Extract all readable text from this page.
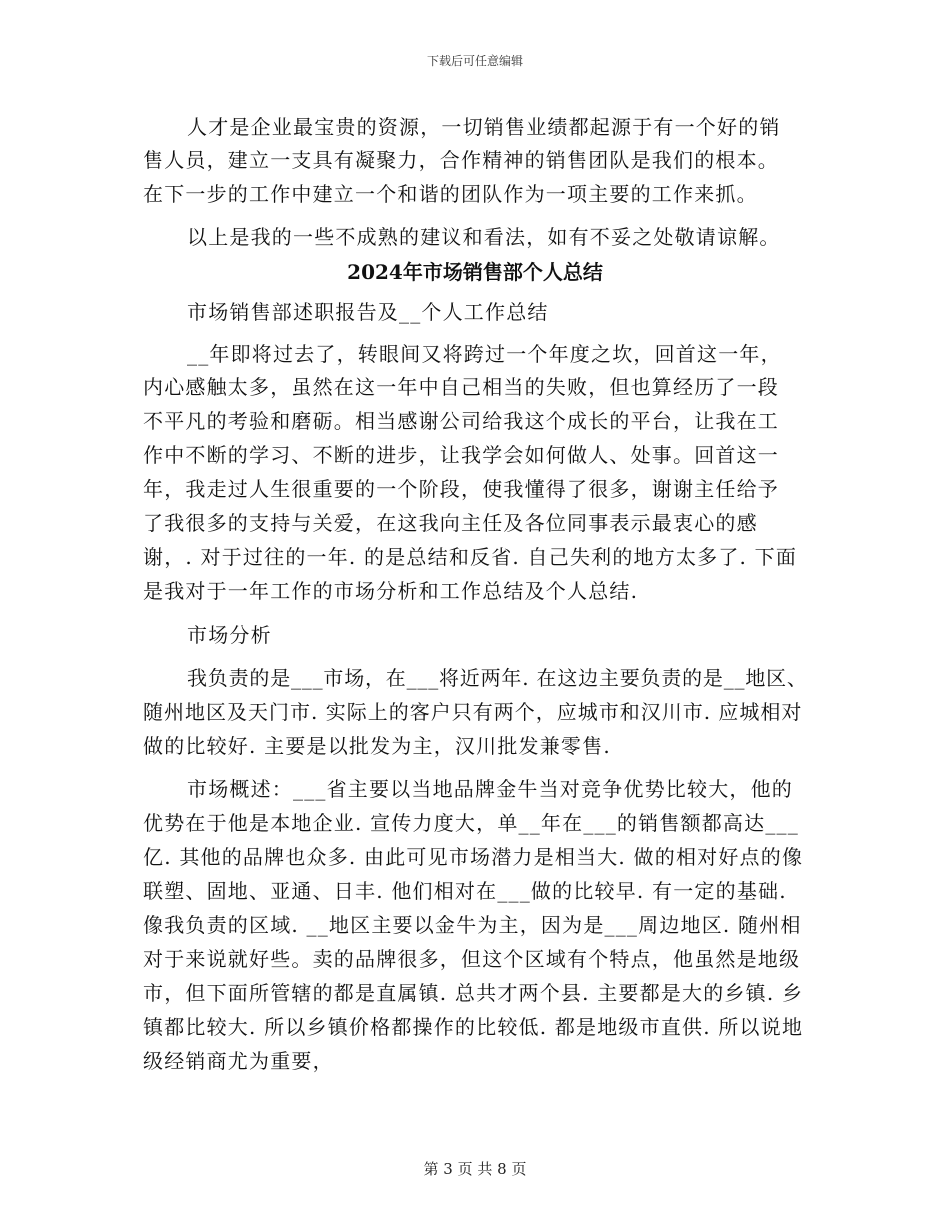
下载后可任意编辑
人才是企业最宝贵的资源，一切销售业绩都起源于有一个好的销
售人员，建立一支具有凝聚力，合作精神的销售团队是我们的根本。
在下一步的工作中建立一个和谐的团队作为一项主要的工作来抓。
以上是我的一些不成熟的建议和看法，如有不妥之处敬请谅解。
2024年市场销售部个人总结
市场销售部述职报告及__个人工作总结
__年即将过去了，转眼间又将跨过一个年度之坎，回首这一年，
内心感触太多，虽然在这一年中自己相当的失败，但也算经历了一段
不平凡的考验和磨砺。相当感谢公司给我这个成长的平台，让我在工
作中不断的学习、不断的进步，让我学会如何做人、处事。回首这一
年，我走过人生很重要的一个阶段，使我懂得了很多，谢谢主任给予
了我很多的支持与关爱，在这我向主任及各位同事表示最衷心的感
谢，. 对于过往的一年. 的是总结和反省. 自己失利的地方太多了. 下面
是我对于一年工作的市场分析和工作总结及个人总结.
市场分析
我负责的是___市场，在___将近两年. 在这边主要负责的是__地区、
随州地区及天门市. 实际上的客户只有两个，应城市和汉川市. 应城相对
做的比较好. 主要是以批发为主，汉川批发兼零售.
市场概述：___省主要以当地品牌金牛当对竞争优势比较大，他的
优势在于他是本地企业. 宣传力度大，单__年在___的销售额都高达___
亿. 其他的品牌也众多. 由此可见市场潜力是相当大. 做的相对好点的像
联塑、固地、亚通、日丰. 他们相对在___做的比较早. 有一定的基础.
像我负责的区域. __地区主要以金牛为主，因为是___周边地区. 随州相
对于来说就好些。卖的品牌很多，但这个区域有个特点，他虽然是地级
市，但下面所管辖的都是直属镇. 总共才两个县. 主要都是大的乡镇. 乡
镇都比较大. 所以乡镇价格都操作的比较低. 都是地级市直供. 所以说地
级经销商尤为重要，
第 3 页 共 8 页
